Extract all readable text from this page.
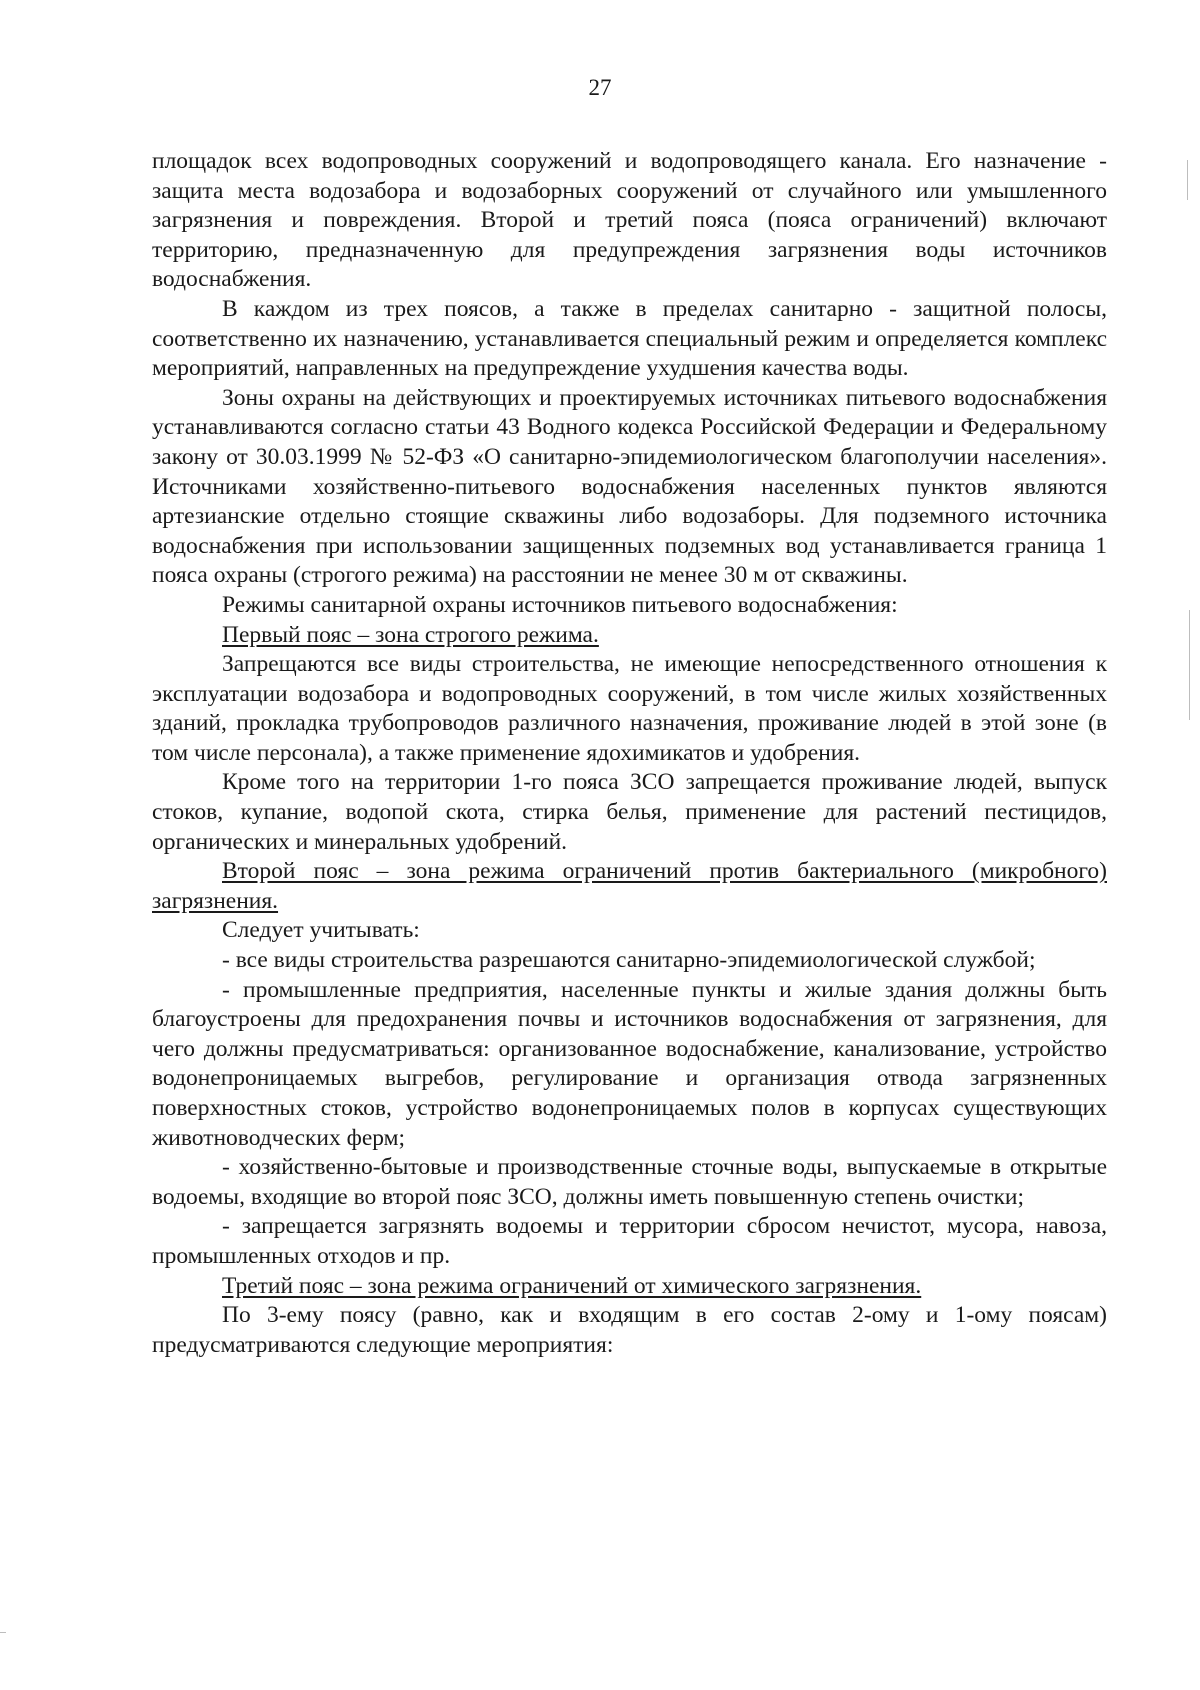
27

площадок всех водопроводных сооружений и водопроводящего канала. Его назначение - защита места водозабора и водозаборных сооружений от случайного или умышленного загрязнения и повреждения. Второй и третий пояса (пояса ограничений) включают территорию, предназначенную для предупреждения загрязнения воды источников водоснабжения.

В каждом из трех поясов, а также в пределах санитарно - защитной полосы, соответственно их назначению, устанавливается специальный режим и определяется комплекс мероприятий, направленных на предупреждение ухудшения качества воды.

Зоны охраны на действующих и проектируемых источниках питьевого водоснабжения устанавливаются согласно статьи 43 Водного кодекса Российской Федерации и Федеральному закону от 30.03.1999 № 52-ФЗ «О санитарно-эпидемиологическом благополучии населения». Источниками хозяйственно-питьевого водоснабжения населенных пунктов являются артезианские отдельно стоящие скважины либо водозаборы. Для подземного источника водоснабжения при использовании защищенных подземных вод устанавливается граница 1 пояса охраны (строгого режима) на расстоянии не менее 30 м от скважины.

Режимы санитарной охраны источников питьевого водоснабжения:

Первый пояс – зона строгого режима.

Запрещаются все виды строительства, не имеющие непосредственного отношения к эксплуатации водозабора и водопроводных сооружений, в том числе жилых хозяйственных зданий, прокладка трубопроводов различного назначения, проживание людей в этой зоне (в том числе персонала), а также применение ядохимикатов и удобрения.

Кроме того на территории 1-го пояса ЗСО запрещается проживание людей, выпуск стоков, купание, водопой скота, стирка белья, применение для растений пестицидов, органических и минеральных удобрений.

Второй пояс – зона режима ограничений против бактериального (микробного) загрязнения.

Следует учитывать:

- все виды строительства разрешаются санитарно-эпидемиологической службой;

- промышленные предприятия, населенные пункты и жилые здания должны быть благоустроены для предохранения почвы и источников водоснабжения от загрязнения, для чего должны предусматриваться: организованное водоснабжение, канализование, устройство водонепроницаемых выгребов, регулирование и организация отвода загрязненных поверхностных стоков, устройство водонепроницаемых полов в корпусах существующих животноводческих ферм;

- хозяйственно-бытовые и производственные сточные воды, выпускаемые в открытые водоемы, входящие во второй пояс ЗСО, должны иметь повышенную степень очистки;

- запрещается загрязнять водоемы и территории сбросом нечистот, мусора, навоза, промышленных отходов и пр.

Третий пояс – зона режима ограничений от химического загрязнения.

По 3-ему поясу (равно, как и входящим в его состав 2-ому и 1-ому поясам) предусматриваются следующие мероприятия:
